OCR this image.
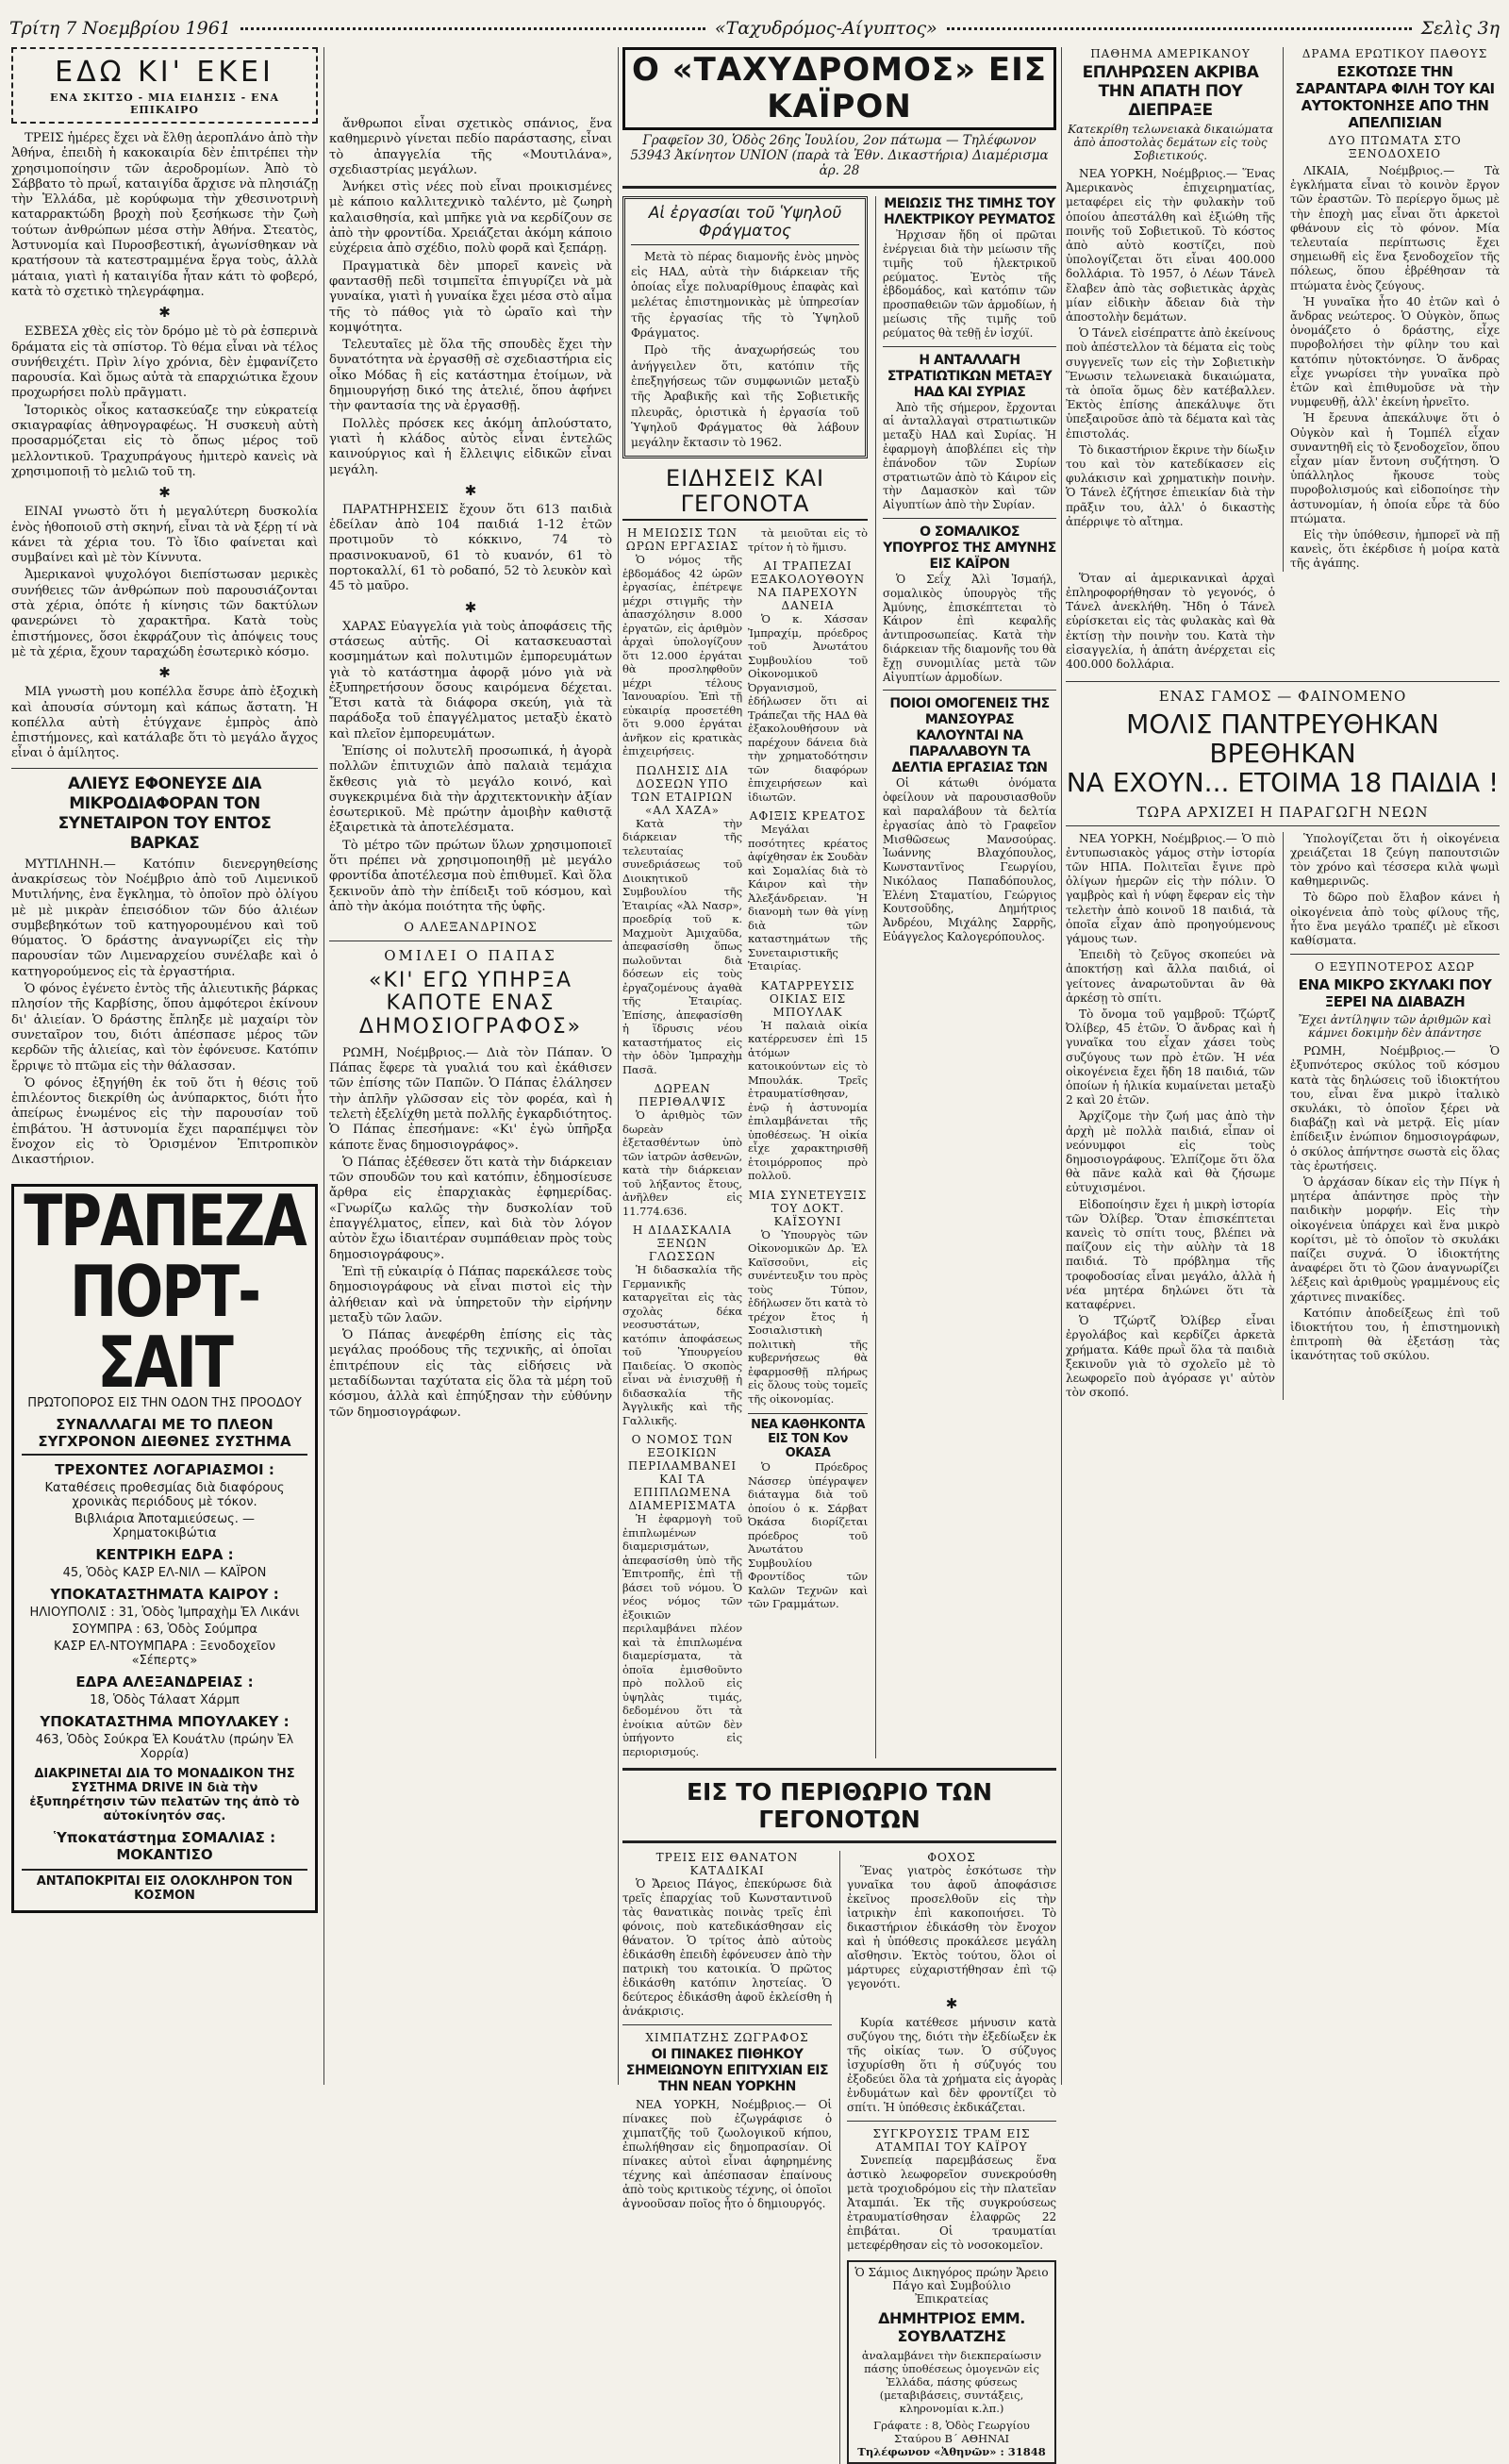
Τρίτη 7 Νοεμβρίου 1961	«Ταχυδρόμος-Αίγυπτος»	Σελὶς 3η
ΕΔΩ ΚΙ' ΕΚΕΙ
ΕΝΑ ΣΚΙΤΣΟ - ΜΙΑ ΕΙΔΗΣΙΣ - ΕΝΑ ΕΠΙΚΑΙΡΟ

ΤΡΕΙΣ ἡμέρες ἔχει νὰ ἔλθῃ ἀεροπλάνο ἀπὸ τὴν Ἀθήνα, ἐπειδὴ ἡ κακοκαιρία δὲν ἐπιτρέπει τὴν χρησιμοποίησιν τῶν ἀεροδρομίων. Ἀπὸ τὸ Σάββατο τὸ πρωΐ, καταιγίδα ἄρχισε νὰ πλησιάζῃ τὴν Ἑλλάδα, μὲ κορύφωμα τὴν χθεσινοτρινὴ καταρρακτώδη βροχὴ ποὺ ξεσήκωσε τὴν ζωὴ τούτων ἀνθρώπων μέσα στὴν Ἀθήνα. Στεατὸς, Ἀστυνομία καὶ Πυροσβεστική, ἀγωνίσθηκαν νὰ κρατήσουν τὰ κατεστραμμένα ἔργα τοὺς, ἀλλὰ μάταια, γιατὶ ἡ καταιγίδα ἦταν κάτι τὸ φοβερό, κατὰ τὸ σχετικὸ τηλεγράφημα.

✱

ΕΣΒΕΣΑ χθὲς εἰς τὸν δρόμο μὲ τὸ ρὰ ἐσπερινὰ δράματα εἰς τὰ σπίστορ. Τὸ θέμα εἶναι νὰ τέλος συνήθειχέτι. Πρὶν λίγο χρόνια, δὲν ἐμφανίζετο παρουσία. Καὶ ὅμως αὐτὰ τὰ επαρχιώτικα ἔχουν προχωρήσει πολὺ πρᾶγματι.

Ἱστορικὸς οἶκος κατασκεύαζε την εὐκρατείᾳ σκιαγραφίας ἀθηνογραφέως. Ἡ συσκευὴ αὐτὴ προσαρμόζεται εἰς τὸ ὄπως μέρος τοῦ μελλοντικοῦ. Τραχυπράγους ἠμιτερὸ κανεὶς νὰ χρησιμοποιῇ τὸ μελιῶ τοῦ τη.

✱

ΕΙΝΑΙ γνωστὸ ὅτι ἡ μεγαλύτερη δυσκολία ἑνὸς ἠθοποιοῦ στὴ σκηνή, εἶναι τὰ νὰ ξέρῃ τί νὰ κάνει τὰ χέρια του. Τὸ ἴδιο φαίνεται καὶ συμβαίνει καὶ μὲ τὸν Κίννυτα.

Ἀμερικανοὶ ψυχολόγοι διεπίστωσαν μερικὲς συνήθειες τῶν ἀνθρώπων ποὺ παρουσιάζονται στὰ χέρια, ὁπότε ἡ κίνησις τῶν δακτύλων φανερώνει τὸ χαρακτῆρα. Κατὰ τοὺς ἐπιστήμονες, ὅσοι ἐκφράζουν τὶς ἀπόψεις τους μὲ τὰ χέρια, ἔχουν ταραχώδη ἐσωτερικὸ κόσμο.

✱

ΜΙΑ γνωστὴ μου κοπέλλα ἔσυρε ἀπὸ ἐξοχικὴ καὶ ἀπουσία σύντομη καὶ κάπως ἄστατη. Ἡ κοπέλλα αὐτὴ ἐτύγχανε ἐμπρὸς ἀπὸ ἐπιστήμονες, καὶ κατάλαβε ὅτι τὸ μεγάλο ἄγχος εἶναι ὁ ἀμίλητος.

ΑΛΙΕΥΣ ΕΦΟΝΕΥΣΕ ΔΙΑ ΜΙΚΡΟΔΙΑΦΟΡΑΝ ΤΟΝ ΣΥΝΕΤΑΙΡΟΝ ΤΟΥ ΕΝΤΟΣ ΒΑΡΚΑΣ

ΜΥΤΙΛΗΝΗ.— Κατόπιν διενεργηθείσης ἀνακρίσεως τὸν Νοέμβριο ἀπὸ τοῦ Λιμενικοῦ Μυτιλήνης, ἐνα ἔγκλημα, τὸ ὁποῖον πρὸ ὀλίγου μὲ μὲ μικρὰν ἐπεισόδιον τῶν δύο ἁλιέων συμβεβηκότων τοῦ κατηγορουμένου καὶ τοῦ θύματος. Ὁ δράστης ἀναγνωρίζει εἰς τὴν παρουσίαν τῶν Λιμεναρχείου συνέλαβε καὶ ὁ κατηγορούμενος εἰς τὰ ἐργαστήρια.

Ὁ φόνος ἐγένετο ἐντὸς τῆς ἁλιευτικῆς βάρκας πλησίον τῆς Καρβίσης, ὅπου ἀμφότεροι ἐκίνουν δι' ἁλιείαν. Ὁ δράστης ἔπληξε μὲ μαχαίρι τὸν συνεταῖρον του, διότι ἀπέσπασε μέρος τῶν κερδῶν τῆς ἁλιείας, καὶ τὸν ἐφόνευσε. Κατόπιν ἔρριψε τὸ πτῶμα εἰς τὴν θάλασσαν.

Ὁ φόνος ἐξηγήθη ἐκ τοῦ ὅτι ἡ θέσις τοῦ ἐπιλέοντος διεκρίθη ὡς ἀνύπαρκτος, διότι ἦτο ἀπείρως ἐνωμένος εἰς τὴν παρουσίαν τοῦ ἐπιβάτου. Ἡ ἀστυνομία ἔχει παραπέμψει τὸν ἔνοχον εἰς τὸ Ὁρισμένον Ἐπιτροπικὸν Δικαστήριον.

ΤΡΑΠΕΖΑ ΠΟΡΤ-ΣΑΙΤ
ΠΡΩΤΟΠΟΡΟΣ ΕΙΣ ΤΗΝ ΟΔΟΝ ΤΗΣ ΠΡΟΟΔΟΥ
ΣΥΝΑΛΛΑΓΑΙ ΜΕ ΤΟ ΠΛΕΟΝ ΣΥΓΧΡΟΝΟΝ ΔΙΕΘΝΕΣ ΣΥΣΤΗΜΑ
ΤΡΕΧΟΝΤΕΣ ΛΟΓΑΡΙΑΣΜΟΙ :
Καταθέσεις προθεσμίας διὰ διαφόρους χρονικὰς περιόδους μὲ τόκον.
Βιβλιάρια Ἀποταμιεύσεως. — Χρηματοκιβώτια
ΚΕΝΤΡΙΚΗ ΕΔΡΑ :
45, Ὁδὸς ΚΑΣΡ ΕΛ-ΝΙΛ — ΚΑΪΡΟΝ
ΥΠΟΚΑΤΑΣΤΗΜΑΤΑ ΚΑΙΡΟΥ :
ΗΛΙΟΥΠΟΛΙΣ : 31, Ὁδὸς Ἰμπραχὴμ Ἐλ Λικάνι
ΣΟΥΜΠΡΑ : 63, Ὁδὸς Σούμπρα
ΚΑΣΡ ΕΛ-ΝΤΟΥΜΠΑΡΑ : Ξενοδοχεῖον «Σέπερτς»
ΕΔΡΑ ΑΛΕΞΑΝΔΡΕΙΑΣ :
18, Ὁδὸς Τάλαατ Χάρμπ
ΥΠΟΚΑΤΑΣΤΗΜΑ ΜΠΟΥΛΑΚΕΥ :
463, Ὁδὸς Σούκρα Ἐλ Κουάτλυ (πρώην Ἐλ Χορρία)
ΔΙΑΚΡΙΝΕΤΑΙ ΔΙΑ ΤΟ ΜΟΝΑΔΙΚΟΝ ΤΗΣ ΣΥΣΤΗΜΑ DRIVE IN διὰ τὴν ἐξυπηρέτησιν τῶν πελατῶν της ἀπὸ τὸ αὐτοκίνητόν σας.
Ὑποκατάστημα ΣΟΜΑΛΙΑΣ : ΜΟΚΑΝΤΙΣΟ
ΑΝΤΑΠΟΚΡΙΤΑΙ ΕΙΣ ΟΛΟΚΛΗΡΟΝ ΤΟΝ ΚΟΣΜΟΝ

ἄνθρωποι εἶναι σχετικὸς σπάνιος, ἕνα καθημερινὸ γίνεται πεδίο παράστασης, εἶναι τὸ ἀπαγγελία τῆς «Μουτιλάνα», σχεδιαστρίας μεγάλων.

Ἀνήκει στὶς νέες ποὺ εἶναι προικισμένες μὲ κάποιο καλλιτεχνικὸ ταλέντο, μὲ ζωηρὴ καλαισθησία, καὶ μπῆκε γιὰ να κερδίζουν σε ἀπὸ τὴν φροντίδα. Χρειάζεται ἀκόμη κάποιο εὐχέρεια ἀπὸ σχέδιο, πολὺ φορᾶ καὶ ξεπάρῃ.

Πραγματικὰ δὲν μπορεῖ κανεὶς νὰ φαντασθῇ πεδὶ τσιμπεῖτα ἐπιγυρίζει νὰ μὰ γυναίκα, γιατὶ ἡ γυναίκα ἔχει μέσα στὸ αἷμα τῆς τὸ πάθος γιὰ τὸ ὡραῖο καὶ τὴν κομψότητα.

Τελευταῖες μὲ ὅλα τῆς σπουδὲς ἔχει τὴν δυνατότητα νὰ ἐργασθῇ σὲ σχεδιαστήρια εἰς οἶκο Μόδας ἢ εἰς κατάστημα ἐτοίμων, νὰ δημιουργήσῃ δικό της ἀτελιέ, ὅπου ἀφήνει τὴν φαντασία της νὰ ἐργασθῇ.

Πολλὲς πρόσεκ κες ἀκόμη ἁπλούστατο, γιατὶ ἡ κλάδος αὐτὸς εἶναι ἐντελῶς καινούργιος καὶ ἡ ἔλλειψις εἰδικῶν εἶναι μεγάλη.

✱

ΠΑΡΑΤΗΡΗΣΕΙΣ ἔχουν ὅτι 613 παιδιὰ ἐδείλαν ἀπὸ 104 παιδιά 1-12 ἐτῶν προτιμοῦν τὸ κόκκινο, 74 τὸ πρασινοκυανοῦ, 61 τὸ κυανόν, 61 τὸ πορτοκαλλί, 61 τὸ ροδαπό, 52 τὸ λευκὸν καὶ 45 τὸ μαῦρο.

✱

ΧΑΡΑΣ Εὐαγγελία γιὰ τοὺς ἀποφάσεις τῆς στάσεως αὐτῆς. Οἱ κατασκευασταὶ κοσμημάτων καὶ πολυτιμῶν ἐμπορευμάτων γιὰ τὸ κατάστημα ἀφορᾷ μόνο γιὰ νὰ ἐξυπηρετήσουν ὅσους καιρόμενα δέχεται. Ἔτσι κατὰ τὰ διάφορα σκεύη, γιὰ τὰ παράδοξα τοῦ ἐπαγγέλματος μεταξὺ ἑκατὸ καὶ πλεῖον ἐμπορευμάτων.

Ἐπίσης οἱ πολυτελῆ προσωπικά, ἡ ἀγορὰ πολλῶν ἐπιτυχιῶν ἀπὸ παλαιὰ τεμάχια ἔκθεσις γιὰ τὸ μεγάλο κοινό, καὶ συγκεκριμένα διὰ τὴν ἀρχιτεκτονικὴν ἀξίαν ἐσωτερικοῦ. Μὲ πρώτην ἀμοιβὴν καθιστᾷ ἐξαιρετικὰ τὰ ἀποτελέσματα.

Τὸ μέτρο τῶν πρώτων ὕλων χρησιμοποιεῖ ὅτι πρέπει νὰ χρησιμοποιηθῇ μὲ μεγάλο φροντίδα ἀποτέλεσμα ποὺ ἐπιθυμεῖ. Καὶ ὅλα ξεκινοῦν ἀπὸ τὴν ἐπίδειξι τοῦ κόσμου, καὶ ἀπὸ τὴν ἀκόμα ποιότητα τῆς ὑφῆς.

Ο ΑΛΕΞΑΝΔΡΙΝΟΣ
ΟΜΙΛΕΙ Ο ΠΑΠΑΣ
«ΚΙ' ΕΓΩ ΥΠΗΡΞΑ ΚΑΠΟΤΕ ΕΝΑΣ ΔΗΜΟΣΙΟΓΡΑΦΟΣ»

ΡΩΜΗ, Νοέμβριος.— Διὰ τὸν Πάπαν. Ὁ Πάπας ἔφερε τὰ γυαλιά του καὶ ἐκάθισεν τῶν ἐπίσης τῶν Παπῶν. Ὁ Πάπας ἐλάλησεν τὴν ἁπλῆν γλῶσσαν εἰς τὸν φορέα, καὶ ἡ τελετὴ ἐξελίχθη μετὰ πολλῆς ἐγκαρδιότητος. Ὁ Πάπας ἐπεσήμανε: «Κι' ἐγὼ ὑπῆρξα κάποτε ἕνας δημοσιογράφος».

Ὁ Πάπας ἐξέθεσεν ὅτι κατὰ τὴν διάρκειαν τῶν σπουδῶν του καὶ κατόπιν, ἐδημοσίευσε ἄρθρα εἰς ἐπαρχιακὰς ἐφημερίδας. «Γνωρίζω καλῶς τὴν δυσκολίαν τοῦ ἐπαγγέλματος, εἶπεν, καὶ διὰ τὸν λόγον αὐτὸν ἔχω ἰδιαιτέραν συμπάθειαν πρὸς τοὺς δημοσιογράφους».

Ἐπὶ τῇ εὐκαιρίᾳ ὁ Πάπας παρεκάλεσε τοὺς δημοσιογράφους νὰ εἶναι πιστοὶ εἰς τὴν ἀλήθειαν καὶ νὰ ὑπηρετοῦν τὴν εἰρήνην μεταξὺ τῶν λαῶν.

Ὁ Πάπας ἀνεφέρθη ἐπίσης εἰς τὰς μεγάλας προόδους τῆς τεχνικῆς, αἱ ὁποῖαι ἐπιτρέπουν εἰς τὰς εἰδήσεις νὰ μεταδίδωνται ταχύτατα εἰς ὅλα τὰ μέρη τοῦ κόσμου, ἀλλὰ καὶ ἐπηύξησαν τὴν εὐθύνην τῶν δημοσιογράφων.

Ο «ΤΑΧΥΔΡΟΜΟΣ» ΕΙΣ ΚΑΪΡΟΝ
Γραφεῖον 30, Ὁδὸς 26ης Ἰουλίου, 2ον πάτωμα — Τηλέφωνον 53943 Ἀκίνητον UNION (παρὰ τὰ Ἐθν. Δικαστήρια) Διαμέρισμα ἀρ. 28
Αἱ ἐργασίαι τοῦ Ὑψηλοῦ Φράγματος

Μετὰ τὸ πέρας διαμονῆς ἑνὸς μηνὸς εἰς ΗΑΔ, αὐτὰ τὴν διάρκειαν τῆς ὁποίας εἶχε πολυαρίθμους ἐπαφὰς καὶ μελέτας ἐπιστημονικὰς μὲ ὑπηρεσίαν τῆς ἐργασίας τῆς τὸ Ὑψηλοῦ Φράγματος.

Πρὸ τῆς ἀναχωρήσεώς του ἀνήγγειλεν ὅτι, κατόπιν τῆς ἐπεξηγήσεως τῶν συμφωνιῶν μεταξὺ τῆς Ἀραβικῆς καὶ τῆς Σοβιετικῆς πλευρᾶς, ὁριστικὰ ἡ ἐργασία τοῦ Ὑψηλοῦ Φράγματος θὰ λάβουν μεγάλην ἔκτασιν τὸ 1962.

ΕΙΔΗΣΕΙΣ ΚΑΙ ΓΕΓΟΝΟΤΑ
Η ΜΕΙΩΣΙΣ ΤΩΝ ΩΡΩΝ ΕΡΓΑΣΙΑΣ

Ὁ νόμος τῆς ἑβδομάδος 42 ὡρῶν ἐργασίας, ἐπέτρεψε μέχρι στιγμῆς τὴν ἀπασχόλησιν 8.000 ἐργατῶν, εἰς ἀριθμὸν ἀρχαὶ ὑπολογίζουν ὅτι 12.000 ἐργάται θὰ προσληφθοῦν μέχρι τέλους Ἰανουαρίου. Ἐπὶ τῇ εὐκαιρίᾳ προσετέθη ὅτι 9.000 ἐργάται ἀνῆκον εἰς κρατικὰς ἐπιχειρήσεις.

ΠΩΛΗΣΙΣ ΔΙΑ ΔΟΣΕΩΝ ΥΠΟ ΤΩΝ ΕΤΑΙΡΙΩΝ «ΑΛ ΧΑΖΑ»

Κατὰ τὴν διάρκειαν τῆς τελευταίας συνεδριάσεως τοῦ Διοικητικοῦ Συμβουλίου τῆς Ἑταιρίας «Ἀλ Νασρ», προεδρίᾳ τοῦ κ. Μαχμοὺτ Ἀμιχαῦδα, ἀπεφασίσθη ὅπως πωλοῦνται διὰ δόσεων εἰς τοὺς ἐργαζομένους ἀγαθὰ τῆς Ἑταιρίας. Ἐπίσης, ἀπεφασίσθη ἡ ἵδρυσις νέου καταστήματος εἰς τὴν ὁδὸν Ἰμπραχὴμ Πασᾶ.

ΔΩΡΕΑΝ ΠΕΡΙΘΑΛΨΙΣ

Ὁ ἀριθμὸς τῶν δωρεὰν ἐξετασθέντων ὑπὸ τῶν ἰατρῶν ἀσθενῶν, κατὰ τὴν διάρκειαν τοῦ λήξαντος ἔτους, ἀνῆλθεν εἰς 11.774.636.

Η ΔΙΔΑΣΚΑΛΙΑ ΞΕΝΩΝ ΓΛΩΣΣΩΝ

Ἡ διδασκαλία τῆς Γερμανικῆς καταργεῖται εἰς τὰς σχολὰς δέκα νεοσυστάτων, κατόπιν ἀποφάσεως τοῦ Ὑπουργείου Παιδείας. Ὁ σκοπὸς εἶναι νὰ ἐνισχυθῇ ἡ διδασκαλία τῆς Ἀγγλικῆς καὶ τῆς Γαλλικῆς.

Ο ΝΟΜΟΣ ΤΩΝ ΕΞΟΙΚΙΩΝ ΠΕΡΙΛΑΜΒΑΝΕΙ ΚΑΙ ΤΑ ΕΠΙΠΛΩΜΕΝΑ ΔΙΑΜΕΡΙΣΜΑΤΑ

Ἡ ἐφαρμογὴ τοῦ ἐπιπλωμένων διαμερισμάτων, ἀπεφασίσθη ὑπὸ τῆς Ἑπιτροπῆς, ἐπὶ τῇ βάσει τοῦ νόμου. Ὁ νέος νόμος τῶν ἐξοικιῶν περιλαμβάνει πλέον καὶ τὰ ἐπιπλωμένα διαμερίσματα, τὰ ὁποῖα ἐμισθοῦντο πρὸ πολλοῦ εἰς ὑψηλὰς τιμάς, δεδομένου ὅτι τὰ ἐνοίκια αὐτῶν δὲν ὑπήγοντο εἰς περιορισμούς.

τὰ μειοῦται εἰς τὸ τρίτον ἡ τὸ ἥμισυ.

ΑΙ ΤΡΑΠΕΖΑΙ ΕΞΑΚΟΛΟΥΘΟΥΝ ΝΑ ΠΑΡΕΧΟΥΝ ΔΑΝΕΙΑ

Ὁ κ. Χάσσαν Ἰμπραχίμ, πρόεδρος τοῦ Ἀνωτάτου Συμβουλίου τοῦ Οἰκονομικοῦ Ὀργανισμοῦ, ἐδήλωσεν ὅτι αἱ Τράπεζαι τῆς ΗΑΔ θὰ ἐξακολουθήσουν νὰ παρέχουν δάνεια διὰ τὴν χρηματοδότησιν τῶν διαφόρων ἐπιχειρήσεων καὶ ἰδιωτῶν.

ΑΦΙΞΙΣ ΚΡΕΑΤΟΣ

Μεγάλαι ποσότητες κρέατος ἀφίχθησαν ἐκ Σουδὰν καὶ Σομαλίας διὰ τὸ Κάιρον καὶ τὴν Ἀλεξάνδρειαν. Ἡ διανομὴ των θὰ γίνῃ διὰ τῶν καταστημάτων τῆς Συνεταιριστικῆς Ἑταιρίας.

ΚΑΤΑΡΡΕΥΣΙΣ ΟΙΚΙΑΣ ΕΙΣ ΜΠΟΥΛΑΚ

Ἡ παλαιὰ οἰκία κατέρρευσεν ἐπὶ 15 ἀτόμων κατοικούντων εἰς τὸ Μπουλάκ. Τρεῖς ἐτραυματίσθησαν, ἐνῷ ἡ ἀστυνομία ἐπιλαμβάνεται τῆς ὑποθέσεως. Ἡ οἰκία εἶχε χαρακτηρισθῆ ἑτοιμόρροπος πρὸ πολλοῦ.

ΜΙΑ ΣΥΝΕΤΕΥΞΙΣ ΤΟΥ ΔΟΚΤ. ΚΑΪΣΟΥΝΙ

Ὁ Ὑπουργὸς τῶν Οἰκονομικῶν Δρ. Ἐλ Καϊσσοῦνι, εἰς συνέντευξιν του πρὸς τοὺς Τύπον, ἐδήλωσεν ὅτι κατὰ τὸ τρέχον ἔτος ἡ Σοσιαλιστικὴ πολιτικὴ τῆς κυβερνήσεως θὰ ἐφαρμοσθῇ πλήρως εἰς ὅλους τοὺς τομεῖς τῆς οἰκονομίας.

ΝΕΑ ΚΑΘΗΚΟΝΤΑ ΕΙΣ ΤΟΝ Κον ΟΚΑΣΑ

Ὁ Πρόεδρος Νάσσερ ὑπέγραψεν διάταγμα διὰ τοῦ ὁποίου ὁ κ. Σάρβατ Ὀκάσα διορίζεται πρόεδρος τοῦ Ἀνωτάτου Συμβουλίου Φροντίδος τῶν Καλῶν Τεχνῶν καὶ τῶν Γραμμάτων.

ΜΕΙΩΣΙΣ ΤΗΣ ΤΙΜΗΣ ΤΟΥ ΗΛΕΚΤΡΙΚΟΥ ΡΕΥΜΑΤΟΣ

Ἠρχισαν ἤδη οἱ πρῶται ἐνέργειαι διὰ τὴν μείωσιν τῆς τιμῆς τοῦ ἡλεκτρικοῦ ρεύματος. Ἐντὸς τῆς ἑβδομάδος, καὶ κατόπιν τῶν προσπαθειῶν τῶν ἁρμοδίων, ἡ μείωσις τῆς τιμῆς τοῦ ρεύματος θὰ τεθῇ ἐν ἰσχύϊ.

Η ΑΝΤΑΛΛΑΓΗ ΣΤΡΑΤΙΩΤΙΚΩΝ ΜΕΤΑΞΥ ΗΑΔ ΚΑΙ ΣΥΡΙΑΣ

Ἀπὸ τῆς σήμερον, ἔρχονται αἱ ἀνταλλαγαὶ στρατιωτικῶν μεταξὺ ΗΑΔ καὶ Συρίας. Ἡ ἐφαρμογὴ ἀποβλέπει εἰς τὴν ἐπάνοδον τῶν Συρίων στρατιωτῶν ἀπὸ τὸ Κάιρον εἰς τὴν Δαμασκὸν καὶ τῶν Αἰγυπτίων ἀπὸ τὴν Συρίαν.

Ο ΣΟΜΑΛΙΚΟΣ ΥΠΟΥΡΓΟΣ ΤΗΣ ΑΜΥΝΗΣ ΕΙΣ ΚΑΪΡΟΝ

Ὁ Σεΐχ Ἀλὶ Ἰσμαήλ, σομαλικὸς ὑπουργὸς τῆς Ἀμύνης, ἐπισκέπτεται τὸ Κάιρον ἐπὶ κεφαλῆς ἀντιπροσωπείας. Κατὰ τὴν διάρκειαν τῆς διαμονῆς του θὰ ἔχῃ συνομιλίας μετὰ τῶν Αἰγυπτίων ἁρμοδίων.

ΠΟΙΟΙ ΟΜΟΓΕΝΕΙΣ ΤΗΣ ΜΑΝΣΟΥΡΑΣ ΚΑΛΟΥΝΤΑΙ ΝΑ ΠΑΡΑΛΑΒΟΥΝ ΤΑ ΔΕΛΤΙΑ ΕΡΓΑΣΙΑΣ ΤΩΝ

Οἱ κάτωθι ὀνόματα ὀφείλουν νὰ παρουσιασθοῦν καὶ παραλάβουν τὰ δελτία ἐργασίας ἀπὸ τὸ Γραφεῖον Μισθῶσεως Μανσούρας. Ἰωάννης Βλαχόπουλος, Κωνσταντῖνος Γεωργίου, Νικόλαος Παπαδόπουλος, Ἐλένη Σταματίου, Γεώργιος Κουτσοῦδης, Δημήτριος Ἀνδρέου, Μιχάλης Σαρρῆς, Εὐάγγελος Καλογερόπουλος.

ΕΙΣ ΤΟ ΠΕΡΙΘΩΡΙΟ ΤΩΝ ΓΕΓΟΝΟΤΩΝ
ΤΡΕΙΣ ΕΙΣ ΘΑΝΑΤΟΝ ΚΑΤΑΔΙΚΑΙ

Ὁ Ἄρειος Πάγος, ἐπεκύρωσε διὰ τρεῖς ἐπαρχίας τοῦ Κωνσταντινοῦ τὰς θανατικὰς ποινὰς τρεῖς ἐπὶ φόνοις, ποὺ κατεδικάσθησαν εἰς θάνατον. Ὁ τρίτος ἀπὸ αὐτοὺς ἐδικάσθη ἐπειδὴ ἐφόνευσεν ἀπὸ τὴν πατρικὴ του κατοικία. Ὁ πρῶτος ἐδικάσθη κατόπιν ληστείας. Ὁ δεύτερος ἐδικάσθη ἀφοῦ ἐκλείσθη ἡ ἀνάκρισις.

ΧΙΜΠΑΤΖΗΣ ΖΩΓΡΑΦΟΣ
ΟΙ ΠΙΝΑΚΕΣ ΠΙΘΗΚΟΥ ΣΗΜΕΙΩΝΟΥΝ ΕΠΙΤΥΧΙΑΝ ΕΙΣ ΤΗΝ ΝΕΑΝ ΥΟΡΚΗΝ

ΝΕΑ ΥΟΡΚΗ, Νοέμβριος.— Οἱ πίνακες ποὺ ἐζωγράφισε ὁ χιμπατζῆς τοῦ ζωολογικοῦ κήπου, ἐπωλήθησαν εἰς δημοπρασίαν. Οἱ πίνακες αὐτοὶ εἶναι ἀφηρημένης τέχνης καὶ ἀπέσπασαν ἐπαίνους ἀπὸ τοὺς κριτικοὺς τέχνης, οἱ ὁποῖοι ἀγνοοῦσαν ποῖος ἦτο ὁ δημιουργός.

ΦΟΧΟΣ

Ἕνας γιατρὸς ἐσκότωσε τὴν γυναῖκα του ἀφοῦ ἀποφάσισε ἐκεῖνος προσελθοῦν εἰς τὴν ἰατρικὴν ἐπὶ κακοποιήσει. Τὸ δικαστήριον ἐδικάσθη τὸν ἔνοχον καὶ ἡ ὑπόθεσις προκάλεσε μεγάλη αἴσθησιν. Ἐκτὸς τούτου, ὅλοι οἱ μάρτυρες εὐχαριστήθησαν ἐπὶ τῷ γεγονότι.

✱

Κυρία κατέθεσε μήνυσιν κατὰ συζύγου της, διότι τὴν ἐξεδίωξεν ἐκ τῆς οἰκίας των. Ὁ σύζυγος ἰσχυρίσθη ὅτι ἡ σύζυγός του ἐξοδεύει ὅλα τὰ χρήματα εἰς ἀγορὰς ἐνδυμάτων καὶ δὲν φροντίζει τὸ σπίτι. Ἡ ὑπόθεσις ἐκδικάζεται.

ΣΥΓΚΡΟΥΣΙΣ ΤΡΑΜ ΕΙΣ ΑΤΑΜΠΑΙ ΤΟΥ ΚΑΪΡΟΥ

Συνεπείᾳ παρεμβάσεως ἕνα ἀστικὸ λεωφορεῖον συνεκρούσθη μετὰ τροχιοδρόμου εἰς τὴν πλατεῖαν Ἀταμπάι. Ἐκ τῆς συγκρούσεως ἐτραυματίσθησαν ἐλαφρῶς 22 ἐπιβάται. Οἱ τραυματίαι μετεφέρθησαν εἰς τὸ νοσοκομεῖον.

Ὁ Σάμιος Δικηγόρος πρώην Ἄρειο Πάγο καὶ Συμβούλιο Ἐπικρατείας
ΔΗΜΗΤΡΙΟΣ ΕΜΜ. ΣΟΥΒΛΑΤΖΗΣ
ἀναλαμβάνει τὴν διεκπεραίωσιν πάσης ὑποθέσεως ὁμογενῶν εἰς Ἑλλάδα, πάσης φύσεως (μεταβιβάσεις, συντάξεις, κληρονομίαι κ.λπ.)
Γράφατε : 8, Ὁδὸς Γεωργίου Σταύρου Β΄ ΑΘΗΝΑΙ
Τηλέφωνον «Ἀθηνῶν» : 31848
ΠΑΘΗΜΑ ΑΜΕΡΙΚΑΝΟΥ
ΕΠΛΗΡΩΣΕΝ ΑΚΡΙΒΑ ΤΗΝ ΑΠΑΤΗ ΠΟΥ ΔΙΕΠΡΑΞΕ

Κατεκρίθη τελωνειακὰ δικαιώματα ἀπὸ ἀποστολὰς δεμάτων εἰς τοὺς Σοβιετικούς.

ΝΕΑ ΥΟΡΚΗ, Νοέμβριος.— Ἕνας Ἀμερικανὸς ἐπιχειρηματίας, μεταφέρει εἰς τὴν φυλακὴν τοῦ ὁποίου ἀπεστάλθη καὶ ἐξιώθη τῆς ποινῆς τοῦ Σοβιετικοῦ. Τὸ κόστος ἀπὸ αὐτὸ κοστίζει, ποὺ ὑπολογίζεται ὅτι εἶναι 400.000 δολλάρια. Τὸ 1957, ὁ Λέων Τάνελ ἔλαβεν ἀπὸ τὰς σοβιετικὰς ἀρχὰς μίαν εἰδικὴν ἄδειαν διὰ τὴν ἀποστολὴν δεμάτων.

Ὁ Τάνελ εἰσέπραττε ἀπὸ ἐκείνους ποὺ ἀπέστελλον τὰ δέματα εἰς τοὺς συγγενεῖς των εἰς τὴν Σοβιετικὴν Ἕνωσιν τελωνειακὰ δικαιώματα, τὰ ὁποῖα ὅμως δὲν κατέβαλλεν. Ἐκτὸς ἐπίσης ἀπεκάλυψε ὅτι ὑπεξαιροῦσε ἀπὸ τὰ δέματα καὶ τὰς ἐπιστολάς.

Τὸ δικαστήριον ἔκρινε τὴν δίωξιν του καὶ τὸν κατεδίκασεν εἰς φυλάκισιν καὶ χρηματικὴν ποινὴν. Ὁ Τάνελ ἐζήτησε ἐπιεικίαν διὰ τὴν πρᾶξιν του, ἀλλ' ὁ δικαστὴς ἀπέρριψε τὸ αἴτημα.

ΔΡΑΜΑ ΕΡΩΤΙΚΟΥ ΠΑΘΟΥΣ
ΕΣΚΟΤΩΣΕ ΤΗΝ ΣΑΡΑΝΤΑΡΑ ΦΙΛΗ ΤΟΥ ΚΑΙ ΑΥΤΟΚΤΟΝΗΣΕ ΑΠΟ ΤΗΝ ΑΠΕΛΠΙΣΙΑΝ
ΔΥΟ ΠΤΩΜΑΤΑ ΣΤΟ ΞΕΝΟΔΟΧΕΙΟ

ΛΙΚΑΙΑ, Νοέμβριος.— Τὰ ἐγκλήματα εἶναι τὸ κοινὸν ἔργον τῶν ἐραστῶν. Τὸ περίεργο ὅμως μὲ τὴν ἐποχὴ μας εἶναι ὅτι ἀρκετοὶ φθάνουν εἰς τὸ φόνον. Μία τελευταία περίπτωσις ἔχει σημειωθῆ εἰς ἕνα ξενοδοχεῖον τῆς πόλεως, ὅπου ἐβρέθησαν τὰ πτώματα ἑνὸς ζεύγους.

Ἡ γυναῖκα ἦτο 40 ἐτῶν καὶ ὁ ἄνδρας νεώτερος. Ὁ Οὐγκὸν, ὅπως ὀνομάζετο ὁ δράστης, εἶχε πυροβολήσει τὴν φίλην του καὶ κατόπιν ηὐτοκτόνησε. Ὁ ἄνδρας εἶχε γνωρίσει τὴν γυναῖκα πρὸ ἐτῶν καὶ ἐπιθυμοῦσε νὰ τὴν νυμφευθῇ, ἀλλ' ἐκείνη ἠρνεῖτο.

Ἡ ἔρευνα ἀπεκάλυψε ὅτι ὁ Οὐγκὸν καὶ ἡ Τομπέλ εἶχαν συναντηθῆ εἰς τὸ ξενοδοχεῖον, ὅπου εἶχαν μίαν ἔντονη συζήτηση. Ὁ ὑπάλληλος ἤκουσε τοὺς πυροβολισμούς καὶ εἰδοποίησε τὴν ἀστυνομίαν, ἡ ὁποία εὗρε τὰ δύο πτώματα.

Εἰς τὴν ὑπόθεσιν, ἠμπορεῖ νὰ πῇ κανεὶς, ὅτι ἐκέρδισε ἡ μοίρα κατὰ τῆς ἀγάπης.

Ὅταν αἱ ἀμερικανικαὶ ἀρχαὶ ἐπληροφορήθησαν τὸ γεγονός, ὁ Τάνελ ἀνεκλήθη. Ἤδη ὁ Τάνελ εὑρίσκεται εἰς τὰς φυλακὰς καὶ θὰ ἐκτίσῃ τὴν ποινὴν του. Κατὰ τὴν εἰσαγγελία, ἡ ἀπάτη ἀνέρχεται εἰς 400.000 δολλάρια.

ΕΝΑΣ ΓΑΜΟΣ — ΦΑΙΝΟΜΕΝΟ
ΜΟΛΙΣ ΠΑΝΤΡΕΥΘΗΚΑΝ ΒΡΕΘΗΚΑΝ
ΝΑ ΕΧΟΥΝ... ΕΤΟΙΜΑ 18 ΠΑΙΔΙΑ !
ΤΩΡΑ ΑΡΧΙΖΕΙ Η ΠΑΡΑΓΩΓΗ ΝΕΩΝ

ΝΕΑ ΥΟΡΚΗ, Νοέμβριος.— Ὁ πιὸ ἐντυπωσιακὸς γάμος στὴν ἱστορία τῶν ΗΠΑ. Πολιτεῖαι ἔγινε πρὸ ὀλίγων ἡμερῶν εἰς τὴν πόλιν. Ὁ γαμβρὸς καὶ ἡ νύφη ἔφεραν εἰς τὴν τελετὴν ἀπὸ κοινοῦ 18 παιδιά, τὰ ὁποῖα εἶχαν ἀπὸ προηγούμενους γάμους των.

Ἐπειδὴ τὸ ζεῦγος σκοπεύει νὰ ἀποκτήσῃ καὶ ἄλλα παιδιά, οἱ γείτονες ἀναρωτοῦνται ἂν θὰ ἀρκέσῃ τὸ σπίτι.

Τὸ ὄνομα τοῦ γαμβροῦ: Τζώρτζ Ὀλίβερ, 45 ἐτῶν. Ὁ ἄνδρας καὶ ἡ γυναῖκα του εἶχαν χάσει τοὺς συζύγους των πρὸ ἐτῶν. Ἡ νέα οἰκογένεια ἔχει ἤδη 18 παιδιά, τῶν ὁποίων ἡ ἡλικία κυμαίνεται μεταξὺ 2 καὶ 20 ἐτῶν.

Ἀρχίζομε τὴν ζωή μας ἀπὸ τὴν ἀρχὴ μὲ πολλὰ παιδιά, εἶπαν οἱ νεόνυμφοι εἰς τοὺς δημοσιογράφους. Ἐλπίζομε ὅτι ὅλα θὰ πᾶνε καλὰ καὶ θὰ ζήσωμε εὐτυχισμένοι.

Εἰδοποίησιν ἔχει ἡ μικρὴ ἰστορία τῶν Ὀλίβερ. Ὅταν ἐπισκέπτεται κανεὶς τὸ σπίτι τους, βλέπει νὰ παίζουν εἰς τὴν αὐλὴν τὰ 18 παιδιά. Τὸ πρόβλημα τῆς τροφοδοσίας εἶναι μεγάλο, ἀλλὰ ἡ νέα μητέρα δηλώνει ὅτι τὰ καταφέρνει.

Ὁ Τζώρτζ Ὀλίβερ εἶναι ἐργολάβος καὶ κερδίζει ἀρκετὰ χρήματα. Κάθε πρωῒ ὅλα τὰ παιδιὰ ξεκινοῦν γιὰ τὸ σχολεῖο μὲ τὸ λεωφορεῖο ποὺ ἀγόρασε γι' αὐτὸν τὸν σκοπό.

Ὑπολογίζεται ὅτι ἡ οἰκογένεια χρειάζεται 18 ζεύγη παπουτσιῶν τὸν χρόνο καὶ τέσσερα κιλὰ ψωμὶ καθημερινῶς.

Τὸ δῶρο ποὺ ἔλαβον κάνει ἡ οἰκογένεια ἀπὸ τοὺς φίλους τῆς, ἦτο ἕνα μεγάλο τραπέζι μὲ εἴκοσι καθίσματα.

Ο ΕΞΥΠΝΟΤΕΡΟΣ ΑΣΩΡ
ΕΝΑ ΜΙΚΡΟ ΣΚΥΛΑΚΙ ΠΟΥ ΞΕΡΕΙ ΝΑ ΔΙΑΒΑΖΗ

Ἔχει ἀντίληψιν τῶν ἀριθμῶν καὶ κάμνει δοκιμὴν δὲν ἀπάντησε

ΡΩΜΗ, Νοέμβριος.— Ὁ ἐξυπνότερος σκύλος τοῦ κόσμου κατὰ τὰς δηλώσεις τοῦ ἰδιοκτήτου του, εἶναι ἕνα μικρὸ ἰταλικὸ σκυλάκι, τὸ ὁποῖον ξέρει νὰ διαβάζῃ καὶ νὰ μετρᾷ. Εἰς μίαν ἐπίδειξιν ἐνώπιον δημοσιογράφων, ὁ σκύλος ἀπήντησε σωστὰ εἰς ὅλας τὰς ἐρωτήσεις.

Ὁ ἀρχάσαν δίκαν εἰς τὴν Πίγκ ἡ μητέρα ἀπάντησε πρὸς τὴν παιδικὴν μορφήν. Εἰς τὴν οἰκογένεια ὑπάρχει καὶ ἕνα μικρὸ κορίτσι, μὲ τὸ ὁποῖον τὸ σκυλάκι παίζει συχνά. Ὁ ἰδιοκτήτης ἀναφέρει ὅτι τὸ ζῶον ἀναγνωρίζει λέξεις καὶ ἀριθμοὺς γραμμένους εἰς χάρτινες πινακίδες.

Κατόπιν ἀποδείξεως ἐπὶ τοῦ ἰδιοκτήτου του, ἡ ἐπιστημονικὴ ἐπιτροπὴ θὰ ἐξετάσῃ τὰς ἱκανότητας τοῦ σκύλου.
